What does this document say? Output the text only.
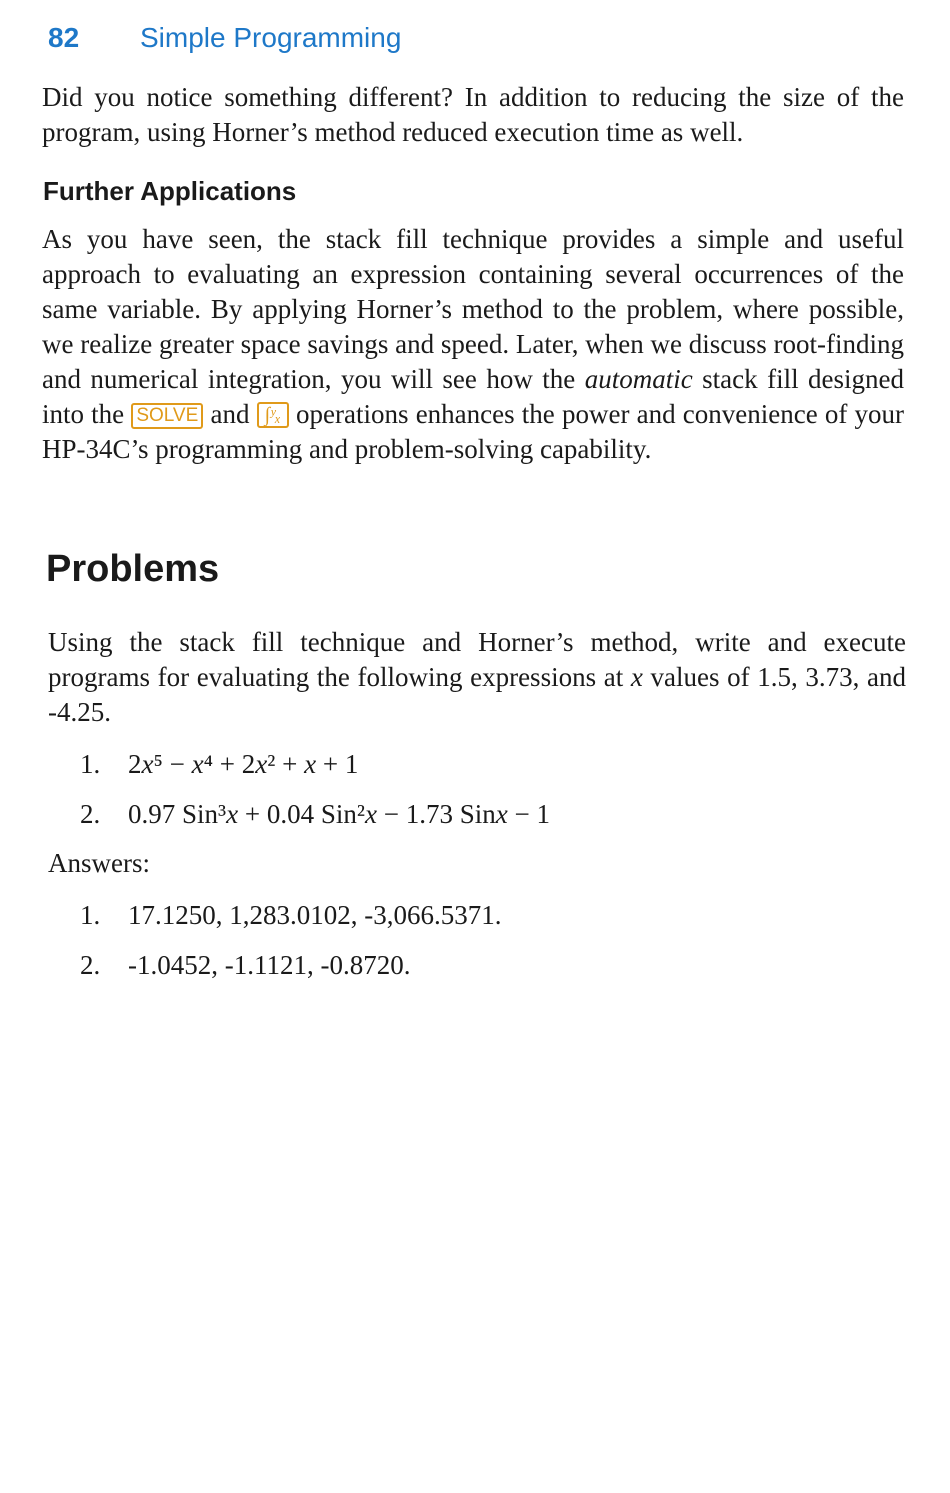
82 Simple Programming

Did you notice something different? In addition to reducing the size of the program, using Horner’s method reduced execution time as well.

Further Applications

As you have seen, the stack fill technique provides a simple and useful approach to evaluating an expression containing several occurrences of the same variable. By applying Horner’s method to the problem, where possible, we realize greater space savings and speed. Later, when we discuss root-finding and numerical integration, you will see how the automatic stack fill designed into the SOLVE and ∫ʸₓ operations enhances the power and convenience of your HP-34C’s programming and problem-solving capability.

Problems

Using the stack fill technique and Horner’s method, write and execute programs for evaluating the following expressions at x values of 1.5, 3.73, and -4.25.

1. 2x⁵ − x⁴ + 2x² + x + 1
2. 0.97 Sin³x + 0.04 Sin²x − 1.73 Sinx − 1

Answers:

1. 17.1250, 1,283.0102, -3,066.5371.
2. -1.0452, -1.1121, -0.8720.
